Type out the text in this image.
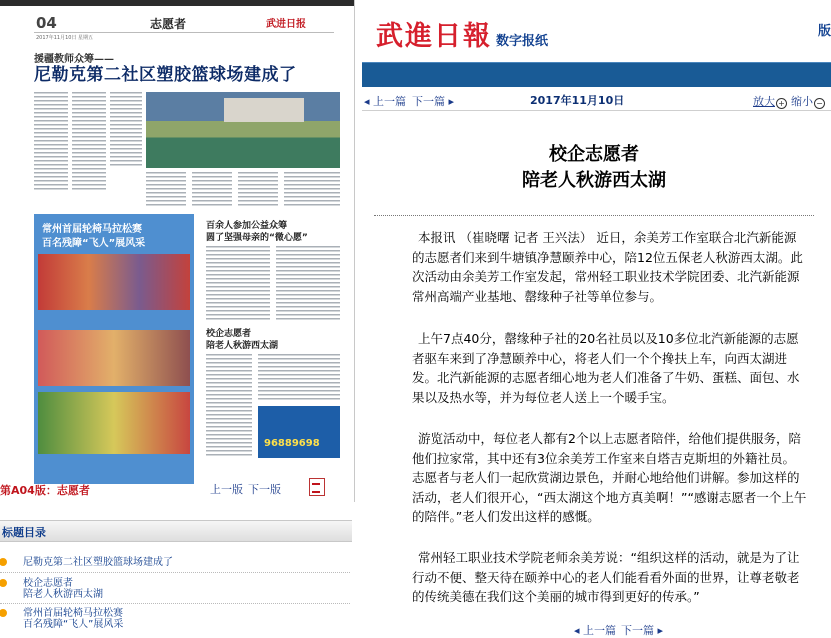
04	志愿者	武进日报
2017年11月10日 星期五
援疆教师众筹——
尼勒克第二社区塑胶篮球场建成了
常州首届轮椅马拉松赛
百名残障“飞人”展风采
百余人参加公益众筹
圆了坚强母亲的“微心愿”
校企志愿者
陪老人秋游西太湖
96889698
第A04版：志愿者	上一版 下一版
标题目录
尼勒克第二社区塑胶篮球场建成了
校企志愿者
陪老人秋游西太湖
常州首届轮椅马拉松赛
百名残障“飞人”展风采
武進日報 数字报纸
版
◂ 上一篇 下一篇 ▸	2017年11月10日	放大 + 缩小 −
校企志愿者
陪老人秋游西太湖
本报讯 （崔晓曙 记者 王兴法） 近日，余美芳工作室联合北汽新能源的志愿者们来到牛塘镇净慧颐养中心，陪12位五保老人秋游西太湖。此次活动由余美芳工作室发起，常州轻工职业技术学院团委、北汽新能源常州高端产业基地、罄缘种子社等单位参与。
上午7点40分，罄缘种子社的20名社员以及10多位北汽新能源的志愿者驱车来到了净慧颐养中心，将老人们一个个搀扶上车，向西太湖进发。北汽新能源的志愿者细心地为老人们准备了牛奶、蛋糕、面包、水果以及热水等，并为每位老人送上一个暖手宝。
游览活动中，每位老人都有2个以上志愿者陪伴，给他们提供服务，陪他们拉家常，其中还有3位余美芳工作室来自塔吉克斯坦的外籍社员。志愿者与老人们一起欣赏湖边景色，并耐心地给他们讲解。参加这样的活动，老人们很开心，“西太湖这个地方真美啊！”“感谢志愿者一个上午的陪伴。”老人们发出这样的感慨。
常州轻工职业技术学院老师余美芳说：“组织这样的活动，就是为了让行动不便、整天待在颐养中心的老人们能看看外面的世界，让尊老敬老的传统美德在我们这个美丽的城市得到更好的传承。”
◂ 上一篇 下一篇 ▸
